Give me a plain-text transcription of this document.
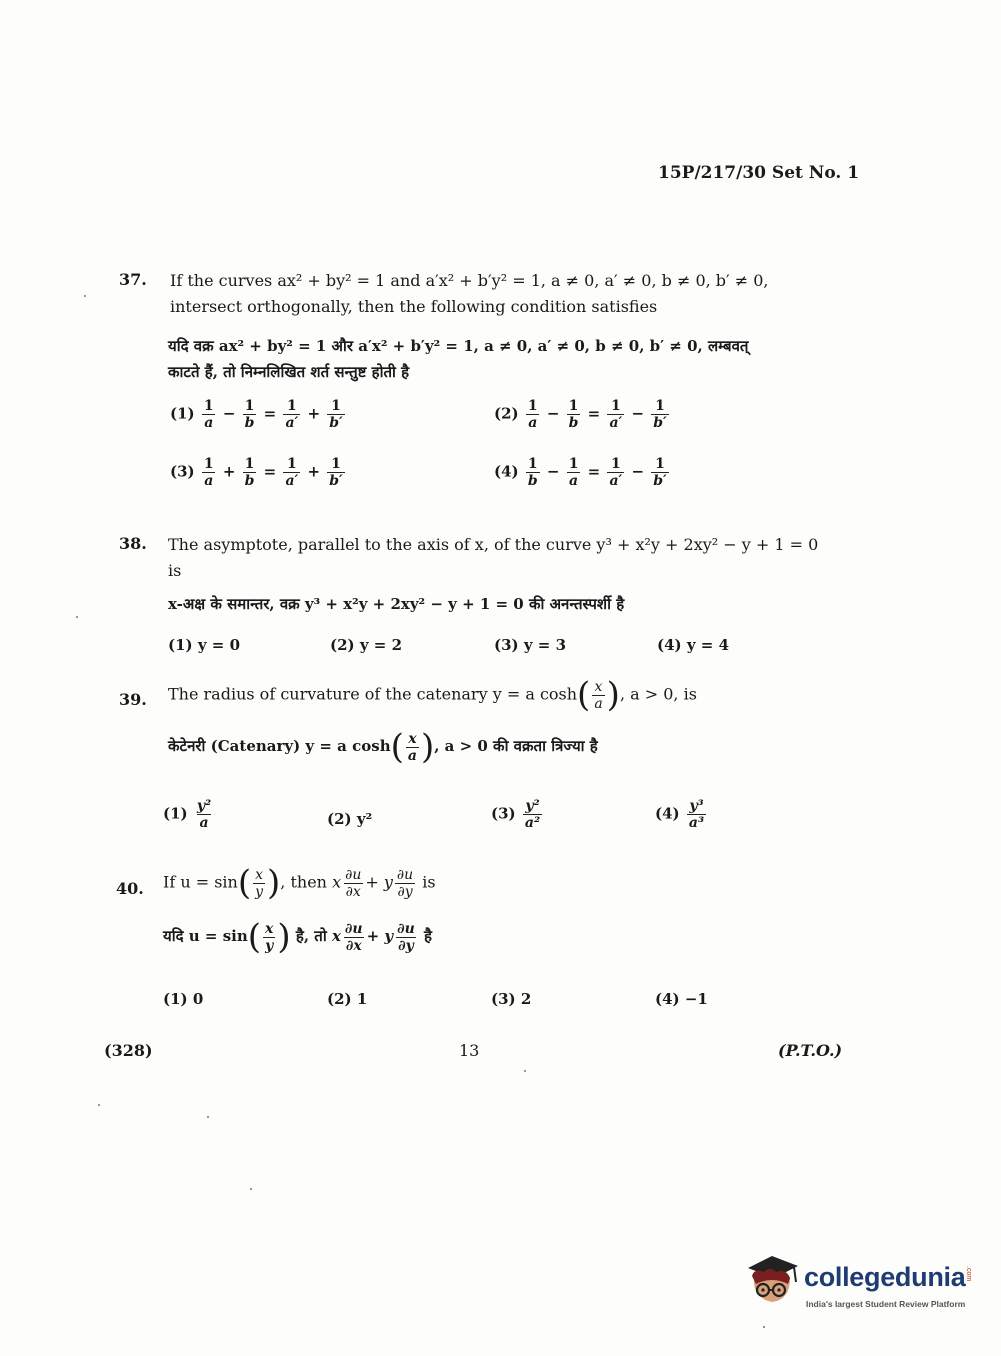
15P/217/30 Set No. 1
37. If the curves ax² + by² = 1 and a′x² + b′y² = 1, a ≠ 0, a′ ≠ 0, b ≠ 0, b′ ≠ 0,
intersect orthogonally, then the following condition satisfies
यदि वक्र ax² + by² = 1 और a′x² + b′y² = 1, a ≠ 0, a′ ≠ 0, b ≠ 0, b′ ≠ 0, लम्बवत्
काटते हैं, तो निम्नलिखित शर्त सन्तुष्ट होती है
$(1) \frac{1}{a} - \frac{1}{b} = \frac{1}{a'} + \frac{1}{b'}$	$(2) \frac{1}{a} - \frac{1}{b} = \frac{1}{a'} - \frac{1}{b'}$
$(3) \frac{1}{a} + \frac{1}{b} = \frac{1}{a'} + \frac{1}{b'}$	$(4) \frac{1}{b} - \frac{1}{a} = \frac{1}{a'} - \frac{1}{b'}$
38. The asymptote, parallel to the axis of x, of the curve y³ + x²y + 2xy² − y + 1 = 0
is
x-अक्ष के समान्तर, वक्र y³ + x²y + 2xy² − y + 1 = 0 की अनन्तस्पर्शी है
(1) y = 0	(2) y = 2	(3) y = 3	(4) y = 4
39. The radius of curvature of the catenary y = a $\cosh( \frac{x}{a}$ ), a > 0, is
केटेनरी (Catenary) y = a $\cosh( \frac{x}{a}$ ), a > 0 की वक्रता त्रिज्या है
$(1) \frac{\text{y²}}{a}$	(2) y²	$(3) \frac{\text{y²}}{\text{a²}}$	$(4) \frac{\text{y³}}{\text{a³}}$
40. If $u = \sin( \frac{x}{y}$ ), then x $\frac{\partial u}{\partial x} + y \frac{\partial u}{\partial y}$ is
यदि $u = \sin( \frac{x}{y}$ ) है, तो x $\frac{\partial u}{\partial x} + y \frac{\partial u}{\partial y}$ है
(1) 0	(2) 1	(3) 2	(4) −1
(328)	13	(P.T.O.)
collegedunia .com
India's largest Student Review Platform
